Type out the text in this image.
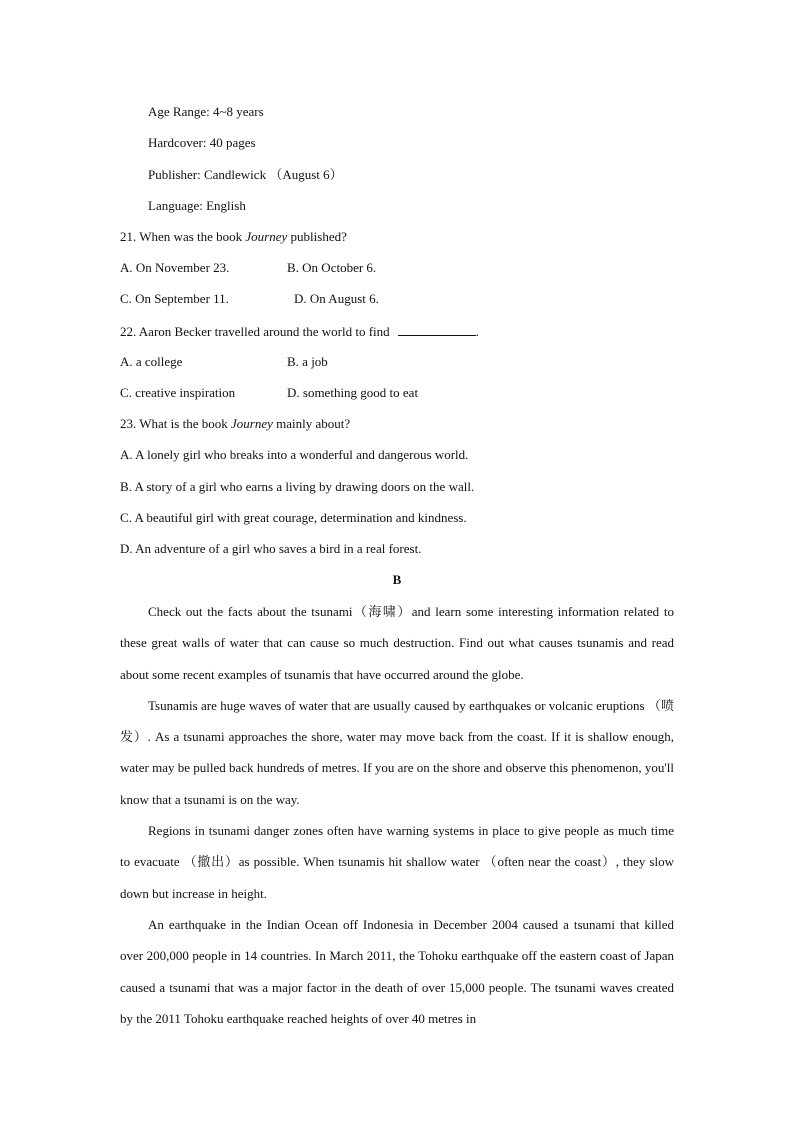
Age Range: 4~8 years
Hardcover: 40 pages
Publisher: Candlewick （August 6）
Language: English
21. When was the book Journey published?
A. On November 23.	B. On October 6.
C. On September 11.	D. On August 6.
22. Aaron Becker travelled around the world to find	.
A. a college	B. a job
C. creative inspiration	D. something good to eat
23. What is the book Journey mainly about?
A. A lonely girl who breaks into a wonderful and dangerous world.
B. A story of a girl who earns a living by drawing doors on the wall.
C. A beautiful girl with great courage, determination and kindness.
D. An adventure of a girl who saves a bird in a real forest.
B

Check out the facts about the tsunami（海啸）and learn some interesting information related to these great walls of water that can cause so much destruction. Find out what causes tsunamis and read about some recent examples of tsunamis that have occurred around the globe.

Tsunamis are huge waves of water that are usually caused by earthquakes or volcanic eruptions （喷发）. As a tsunami approaches the shore, water may move back from the coast. If it is shallow enough, water may be pulled back hundreds of metres. If you are on the shore and observe this phenomenon, you'll know that a tsunami is on the way.

Regions in tsunami danger zones often have warning systems in place to give people as much time to evacuate （撤出）as possible. When tsunamis hit shallow water （often near the coast）, they slow down but increase in height.

An earthquake in the Indian Ocean off Indonesia in December 2004 caused a tsunami that killed over 200,000 people in 14 countries. In March 2011, the Tohoku earthquake off the eastern coast of Japan caused a tsunami that was a major factor in the death of over 15,000 people. The tsunami waves created by the 2011 Tohoku earthquake reached heights of over 40 metres in
